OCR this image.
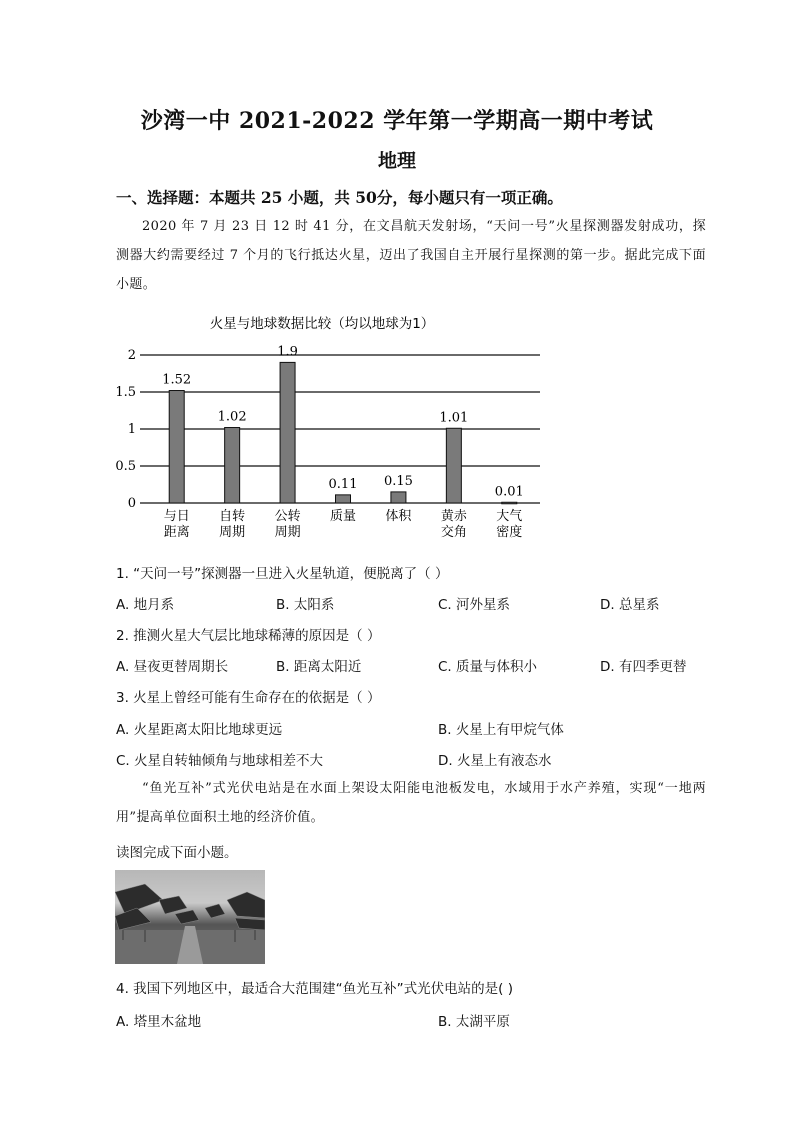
沙湾一中 2021-2022 学年第一学期高一期中考试
地理
一、选择题：本题共 25 小题，共 50分，每小题只有一项正确。
2020 年 7 月 23 日 12 时 41 分，在文昌航天发射场，“天问一号”火星探测器发射成功，探测器大约需要经过 7 个月的飞行抵达火星，迈出了我国自主开展行星探测的第一步。据此完成下面小题。
火星与地球数据比较（均以地球为1）
0
0.5
1
1.5
2
1.52
1.02
1.9
0.11 0.15
1.01
0.01
与日
距离
自转
周期
公转
周期
质量 体积 黄赤
交角
大气
密度
1. “天问一号”探测器一旦进入火星轨道，便脱离了（ ）
A. 地月系	B. 太阳系	C. 河外星系	D. 总星系
2. 推测火星大气层比地球稀薄的原因是（ ）
A. 昼夜更替周期长	B. 距离太阳近	C. 质量与体积小	D. 有四季更替
3. 火星上曾经可能有生命存在的依据是（ ）
A. 火星距离太阳比地球更远	B. 火星上有甲烷气体
C. 火星自转轴倾角与地球相差不大	D. 火星上有液态水
“鱼光互补”式光伏电站是在水面上架设太阳能电池板发电，水域用于水产养殖，实现“一地两用”提高单位面积土地的经济价值。
读图完成下面小题。
4. 我国下列地区中，最适合大范围建“鱼光互补”式光伏电站的是( )
A. 塔里木盆地	B. 太湖平原
